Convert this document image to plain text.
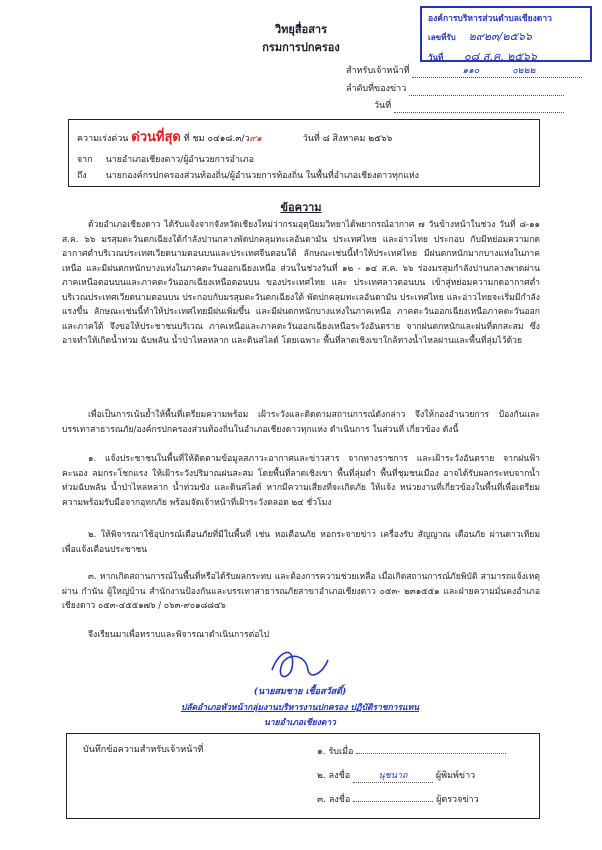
วิทยุสื่อสาร
กรมการปกครอง
องค์การบริหารส่วนตำบลเชียงดาว
เลขที่รับ ๒๙๒๓/๒๕๖๖
วันที่ ๐๘ ส.ค. ๒๕๖๖
สำหรับเจ้าหน้าที่	๑๑๐	๐๒๒๒
ลำดับที่ของข่าว
วันที่
ความเร่งด่วน ด่วนที่สุด ที่ ชม ๐๔๑๘.๓/ว๙๑	วันที่ ๘ สิงหาคม ๒๕๖๖
จาก นายอำเภอเชียงดาว/ผู้อำนวยการอำเภอ
ถึง นายกองค์กรปกครองส่วนท้องถิ่น/ผู้อำนวยการท้องถิ่น ในพื้นที่อำเภอเชียงดาวทุกแห่ง
ข้อความ
ด้วยอำเภอเชียงดาว ได้รับแจ้งจากจังหวัดเชียงใหม่ว่ากรมอุตุนิยมวิทยาได้พยากรณ์อากาศ ๗ วันข้างหน้าในช่วง วันที่ ๘-๑๑ ส.ค. ๖๖ มรสุมตะวันตกเฉียงใต้กำลังปานกลางพัดปกคลุมทะเลอันดามัน ประเทศไทย และอ่าวไทย ประกอบ กับมีหย่อมความกดอากาศต่ำบริเวณประเทศเวียดนามตอนบนและประเทศจีนตอนใต้ ลักษณะเช่นนี้ทำให้ประเทศไทย มีฝนตกหนักมากบางแห่งในภาคเหนือ และมีฝนตกหนักบางแห่งในภาคตะวันออกเฉียงเหนือ ส่วนในช่วงวันที่ ๑๒ - ๑๔ ส.ค. ๖๖ ร่องมรสุมกำลังปานกลางพาดผ่านภาคเหนือตอนบนและภาคตะวันออกเฉียงเหนือตอนบน ของประเทศไทย และ ประเทศลาวตอนบน เข้าสู่หย่อมความกดอากาศต่ำบริเวณประเทศเวียดนามตอนบน ประกอบกับมรสุมตะวันตกเฉียงใต้ พัดปกคลุมทะเลอันดามัน ประเทศไทย และอ่าวไทยจะเริ่มมีกำลังแรงขึ้น ลักษณะเช่นนี้ทำให้ประเทศไทยมีฝนเพิ่มขึ้น และมีฝนตกหนักบางแห่งในภาคเหนือ ภาคตะวันออกเฉียงเหนือภาคตะวันออก และภาคใต้ จึงขอให้ประชาชนบริเวณ ภาคเหนือและภาคตะวันออกเฉียงเหนือระวังอันตราย จากฝนตกหนักและฝนที่ตกสะสม ซึ่งอาจทำให้เกิดน้ำท่วม ฉับพลัน น้ำป่าไหลหลาก และดินสไลด์ โดยเฉพาะ พื้นที่ลาดเชิงเขาใกล้ทางน้ำไหลผ่านและพื้นที่ลุ่มไว้ด้วย
เพื่อเป็นการเน้นย้ำให้พื้นที่เตรียมความพร้อม เฝ้าระวังและติดตามสถานการณ์ดังกล่าว จึงให้กองอำนวยการ ป้องกันและบรรเทาสาธารณภัย/องค์กรปกครองส่วนท้องถิ่นในอำเภอเชียงดาวทุกแห่ง ดำเนินการ ในส่วนที่ เกี่ยวข้อง ดังนี้
๑. แจ้งประชาชนในพื้นที่ให้ติดตามข้อมูลสภาวะอากาศและข่าวสาร จากทางราชการ และเฝ้าระวังอันตราย จากฝนฟ้าคะนอง ลมกระโชกแรง ให้เฝ้าระวังปริมาณฝนสะสม โดยพื้นที่ลาดเชิงเขา พื้นที่ลุ่มต่ำ พื้นที่ชุมชนเมือง อาจได้รับผลกระทบจากน้ำท่วมฉับพลัน น้ำป่าไหลหลาก น้ำท่วมขัง และดินสไลด์ หากมีความเสี่ยงที่จะเกิดภัย ให้แจ้ง หน่วยงานที่เกี่ยวข้องในพื้นที่เพื่อเตรียมความพร้อมรับมือจากอุทกภัย พร้อมจัดเจ้าหน้าที่เฝ้าระวังตลอด ๒๔ ชั่วโมง
๒. ให้พิจารณาใช้อุปกรณ์เตือนภัยที่มีในพื้นที่ เช่น หอเตือนภัย หอกระจายข่าว เครื่องรับ สัญญาณ เตือนภัย ผ่านดาวเทียม เพื่อแจ้งเตือนประชาชน
๓. หากเกิดสถานการณ์ในพื้นที่หรือได้รับผลกระทบ และต้องการความช่วยเหลือ เมื่อเกิดสถานการณ์ภัยพิบัติ สามารถแจ้งเหตุผ่าน กำนัน ผู้ใหญ่บ้าน สำนักงานป้องกันและบรรเทาสาธารณภัยสาขาอำเภอเชียงดาว ๐๕๓- ๒๓๑๕๕๑ และฝ่ายความมั่นคงอำเภอเชียงดาว ๐๕๓-๔๕๕๑๗๖ / ๐๖๓-๙๐๑๘๘๔๖
จึงเรียนมาเพื่อทราบและพิจารณาดำเนินการต่อไป
(นายสมชาย เชื้อสวัสดิ์)
ปลัดอำเภอหัวหน้ากลุ่มงานบริหารงานปกครอง ปฏิบัติราชการแทน
นายอำเภอเชียงดาว
บันทึกข้อความสำหรับเจ้าหน้าที่	๑. รับเมื่อ
๒. ลงชื่อ	นุชนาถ	ผู้พิมพ์ข่าว
๓. ลงชื่อ	ผู้ตรวจข่าว
